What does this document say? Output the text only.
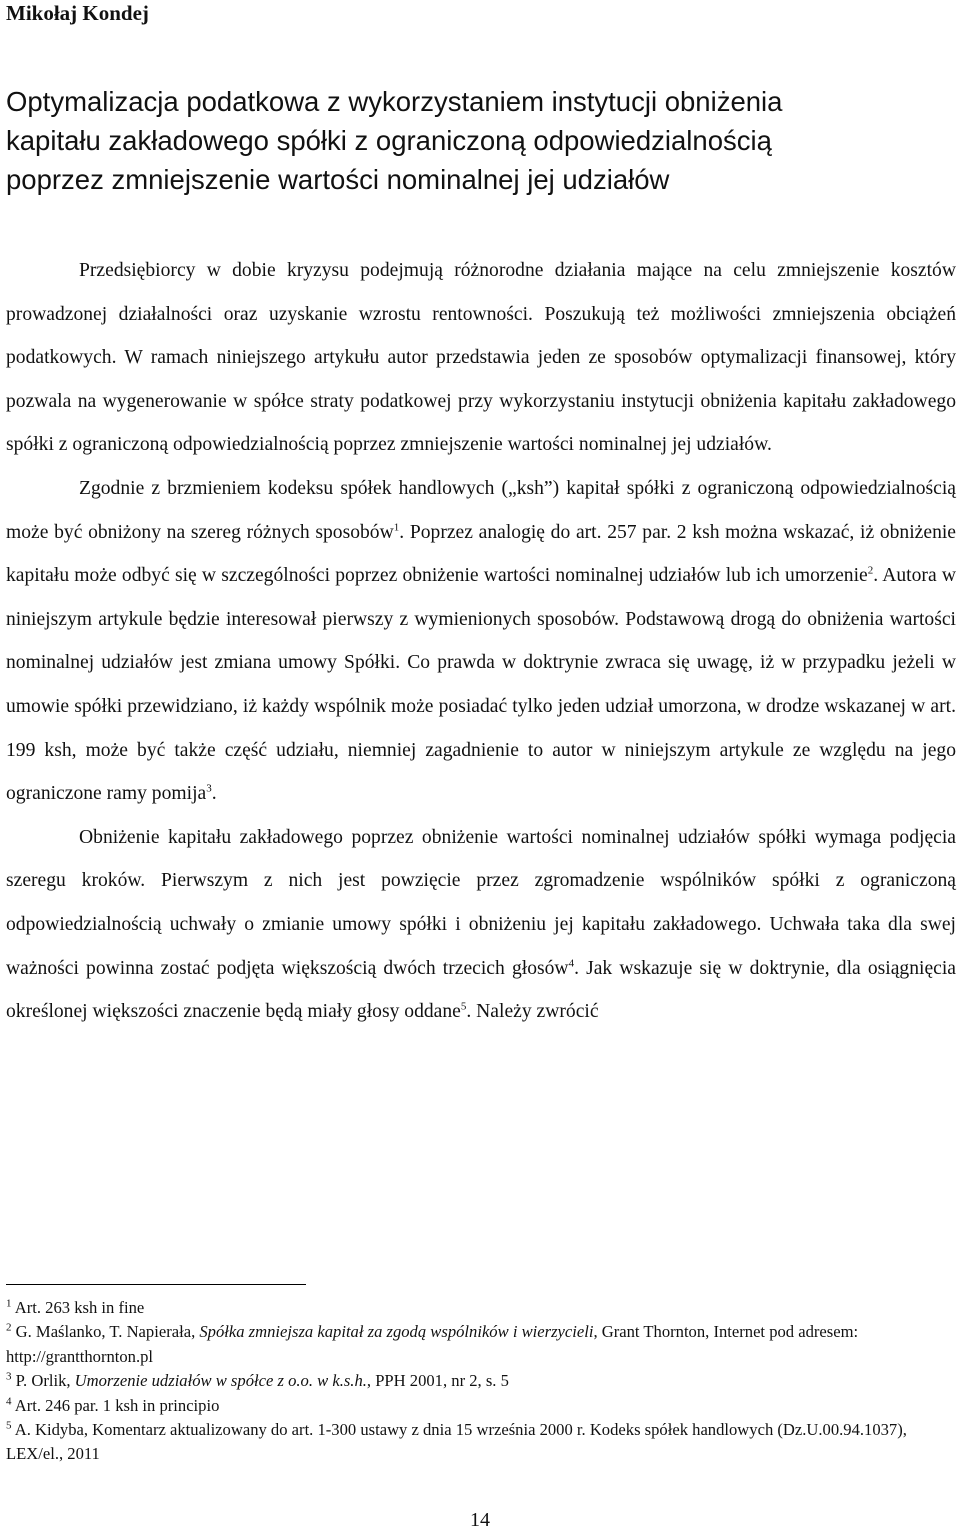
Mikołaj Kondej
Optymalizacja podatkowa z wykorzystaniem instytucji obniżenia
kapitału zakładowego spółki z ograniczoną odpowiedzialnością
poprzez zmniejszenie wartości nominalnej jej udziałów

Przedsiębiorcy w dobie kryzysu podejmują różnorodne działania mające na celu zmniejszenie kosztów prowadzonej działalności oraz uzyskanie wzrostu rentowności. Poszukują też możliwości zmniejszenia obciążeń podatkowych. W ramach niniejszego artykułu autor przedstawia jeden ze sposobów optymalizacji finansowej, który pozwala na wygenerowanie w spółce straty podatkowej przy wykorzystaniu instytucji obniżenia kapitału zakładowego spółki z ograniczoną odpowiedzialnością poprzez zmniejszenie wartości nominalnej jej udziałów.

Zgodnie z brzmieniem kodeksu spółek handlowych („ksh”) kapitał spółki z ograniczoną odpowiedzialnością może być obniżony na szereg różnych sposobów$^1$. Poprzez analogię do art. 257 par. 2 ksh można wskazać, iż obniżenie kapitału może odbyć się w szczególności poprzez obniżenie wartości nominalnej udziałów lub ich umorzenie$^2$. Autora w niniejszym artykule będzie interesował pierwszy z wymienionych sposobów. Podstawową drogą do obniżenia wartości nominalnej udziałów jest zmiana umowy Spółki. Co prawda w doktrynie zwraca się uwagę, iż w przypadku jeżeli w umowie spółki przewidziano, iż każdy wspólnik może posiadać tylko jeden udział umorzona, w drodze wskazanej w art. 199 ksh, może być także część udziału, niemniej zagadnienie to autor w niniejszym artykule ze względu na jego ograniczone ramy pomija$^3$.

Obniżenie kapitału zakładowego poprzez obniżenie wartości nominalnej udziałów spółki wymaga podjęcia szeregu kroków. Pierwszym z nich jest powzięcie przez zgromadzenie wspólników spółki z ograniczoną odpowiedzialnością uchwały o zmianie umowy spółki i obniżeniu jej kapitału zakładowego. Uchwała taka dla swej ważności powinna zostać podjęta większością dwóch trzecich głosów$^4$. Jak wskazuje się w doktrynie, dla osiągnięcia określonej większości znaczenie będą miały głosy oddane$^5$. Należy zwrócić

$^1$ Art. 263 ksh in fine

$^2$ G. Maślanko, T. Napierała, Spółka zmniejsza kapitał za zgodą wspólników i wierzycieli, Grant Thornton, Internet pod adresem: http://grantthornton.pl

$^3$ P. Orlik, Umorzenie udziałów w spółce z o.o. w k.s.h., PPH 2001, nr 2, s. 5

$^4$ Art. 246 par. 1 ksh in principio

$^5$ A. Kidyba, Komentarz aktualizowany do art. 1-300 ustawy z dnia 15 września 2000 r. Kodeks spółek handlowych (Dz.U.00.94.1037), LEX/el., 2011

14
